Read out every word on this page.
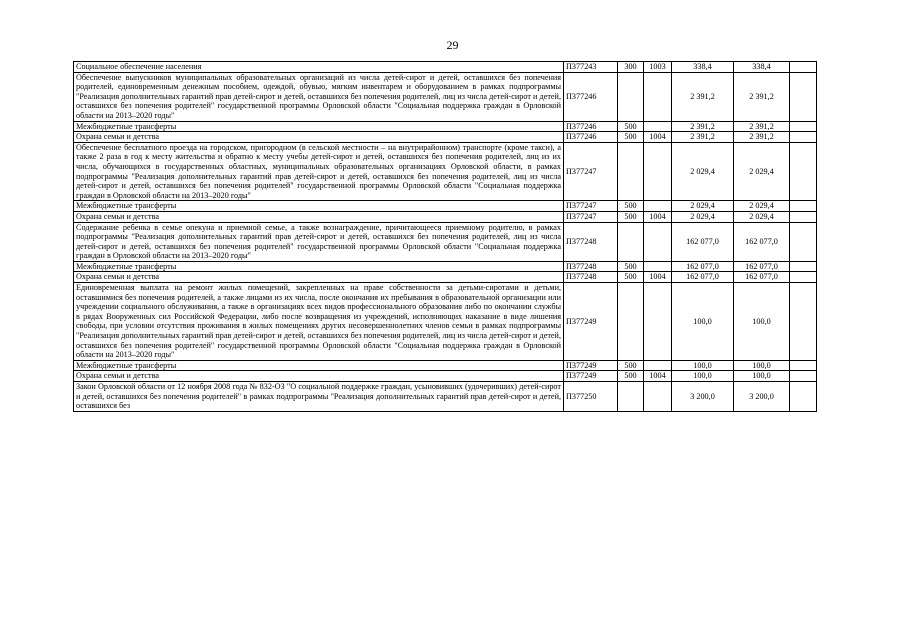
29
Социальное обеспечение населения	П377243	300	1003	338,4	338,4	
Обеспечение выпускников муниципальных образовательных организаций из числа детей-сирот и детей, оставшихся без попечения родителей, единовременным денежным пособием, одеждой, обувью, мягким инвентарем и оборудованием в рамках подпрограммы "Реализация дополнительных гарантий прав детей-сирот и детей, оставшихся без попечения родителей, лиц из числа детей-сирот и детей, оставшихся без попечения родителей" государственной программы Орловской области "Социальная поддержка граждан в Орловской области на 2013–2020 годы"	П377246			2 391,2	2 391,2	
Межбюджетные трансферты	П377246	500		2 391,2	2 391,2	
Охрана семьи и детства	П377246	500	1004	2 391,2	2 391,2	
Обеспечение бесплатного проезда на городском, пригородном (в сельской местности – на внутрирайонном) транспорте (кроме такси), а также 2 раза в год к месту жительства и обратно к месту учебы детей-сирот и детей, оставшихся без попечения родителей, лиц из их числа, обучающихся в государственных областных, муниципальных образовательных организациях Орловской области, в рамках подпрограммы "Реализация дополнительных гарантий прав детей-сирот и детей, оставшихся без попечения родителей, лиц из числа детей-сирот и детей, оставшихся без попечения родителей" государственной программы Орловской области "Социальная поддержка граждан в Орловской области на 2013–2020 годы"	П377247			2 029,4	2 029,4	
Межбюджетные трансферты	П377247	500		2 029,4	2 029,4	
Охрана семьи и детства	П377247	500	1004	2 029,4	2 029,4	
Содержание ребенка в семье опекуна и приемной семье, а также вознаграждение, причитающееся приемному родителю, в рамках подпрограммы "Реализация дополнительных гарантий прав детей-сирот и детей, оставшихся без попечения родителей, лиц из числа детей-сирот и детей, оставшихся без попечения родителей" государственной программы Орловской области "Социальная поддержка граждан в Орловской области на 2013–2020 годы"	П377248			162 077,0	162 077,0	
Межбюджетные трансферты	П377248	500		162 077,0	162 077,0	
Охрана семьи и детства	П377248	500	1004	162 077,0	162 077,0	
Единовременная выплата на ремонт жилых помещений, закрепленных на праве собственности за детьми-сиротами и детьми, оставшимися без попечения родителей, а также лицами из их числа, после окончания их пребывания в образовательной организации или учреждении социального обслуживания, а также в организациях всех видов профессионального образования либо по окончании службы в рядах Вооруженных сил Российской Федерации, либо после возвращения из учреждений, исполняющих наказание в виде лишения свободы, при условии отсутствия проживания в жилых помещениях других несовершеннолетних членов семьи в рамках подпрограммы "Реализация дополнительных гарантий прав детей-сирот и детей, оставшихся без попечения родителей, лиц из числа детей-сирот и детей, оставшихся без попечения родителей" государственной программы Орловской области "Социальная поддержка граждан в Орловской области на 2013–2020 годы"	П377249			100,0	100,0	
Межбюджетные трансферты	П377249	500		100,0	100,0	
Охрана семьи и детства	П377249	500	1004	100,0	100,0	
Закон Орловской области от 12 ноября 2008 года № 832-ОЗ "О социальной поддержке граждан, усыновивших (удочеривших) детей-сирот и детей, оставшихся без попечения родителей" в рамках подпрограммы "Реализация дополнительных гарантий прав детей-сирот и детей, оставшихся без	П377250			3 200,0	3 200,0	
